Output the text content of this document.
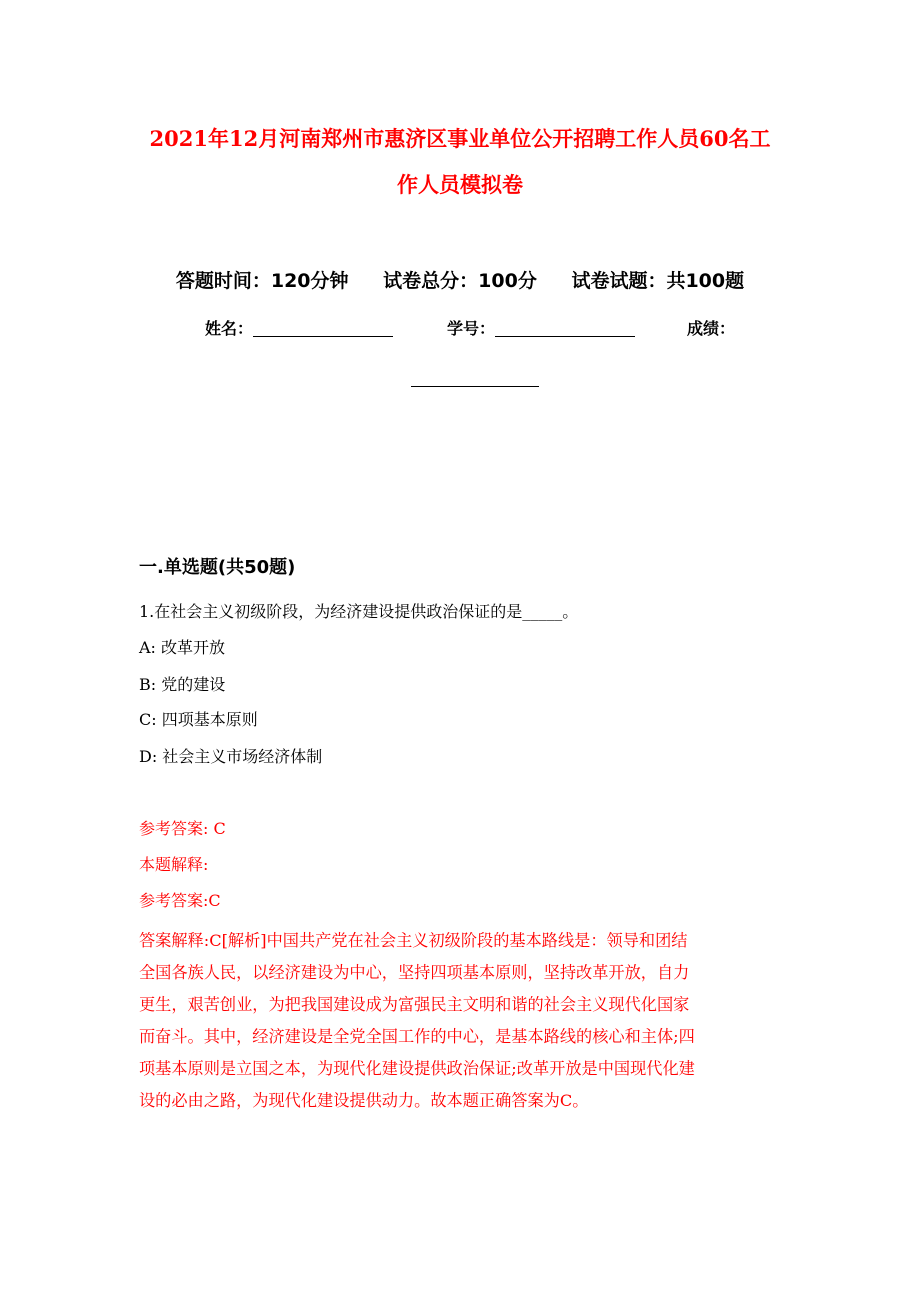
2021年12月河南郑州市惠济区事业单位公开招聘工作人员60名工
作人员模拟卷
答题时间：120分钟 试卷总分：100分 试卷试题：共100题
姓名：	学号：	成绩：
一.单选题(共50题)
1.在社会主义初级阶段，为经济建设提供政治保证的是_____。
A: 改革开放
B: 党的建设
C: 四项基本原则
D: 社会主义市场经济体制
参考答案: C
本题解释:
参考答案:C
答案解释:C[解析]中国共产党在社会主义初级阶段的基本路线是：领导和团结
全国各族人民，以经济建设为中心，坚持四项基本原则，坚持改革开放，自力
更生，艰苦创业，为把我国建设成为富强民主文明和谐的社会主义现代化国家
而奋斗。其中，经济建设是全党全国工作的中心，是基本路线的核心和主体;四
项基本原则是立国之本，为现代化建设提供政治保证;改革开放是中国现代化建
设的必由之路，为现代化建设提供动力。故本题正确答案为C。
